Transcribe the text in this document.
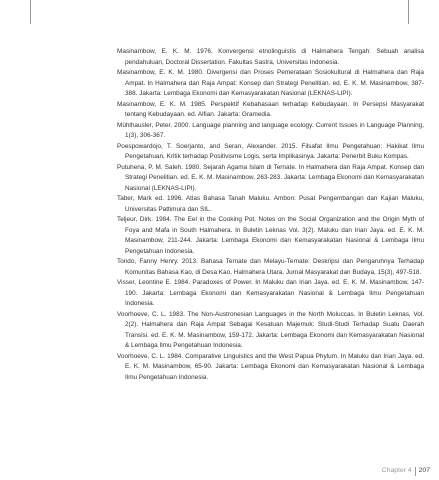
Masinambow, E. K. M. 1976. Konvergensi etnolinguistis di Halmahera Tengah: Sebuah analisa pendahuluan, Doctoral Dissertation. Fakultas Sastra, Universitas Indonesia.

Masinambow, E. K. M. 1980. Divergensi dan Proses Pemerataan Sosiokultural di Halmahera dan Raja Ampat. In Halmahera dan Raja Ampat: Konsep dan Strategi Penelitian. ed. E. K. M. Masinambow, 387-388. Jakarta: Lembaga Ekonomi dan Kemasyarakatan Nasional (LEKNAS-LIPI).

Masinambow, E. K. M. 1985. Perspektif Kebahasaan terhadap Kebudayaan. In Persepsi Masyarakat tentang Kebudayaan. ed. Alfian. Jakarta: Gramedia.

Mühlhausler, Peter. 2000. Language planning and language ecology. Current Issues in Language Planning, 1(3), 306-367.

Poespowardojo, T. Soerjanto, and Seran, Alexander. 2015. Filsafat Ilmu Pengetahuan: Hakikat Ilmu Pengetahuan, Kritik terhadap Positivisme Logis, serta Implikasinya. Jakarta: Penerbit Buku Kompas.

Putuhena, P. M. Saleh. 1980. Sejarah Agama Islam di Ternate. In Halmahera dan Raja Ampat. Konsep dan Strategi Penelitian. ed. E. K. M. Masinambow, 263-283. Jakarta: Lembaga Ekonomi dan Kemasyarakatan Nasional (LEKNAS-LIPI).

Taber, Mark ed. 1996. Atlas Bahasa Tanah Maluku. Ambon: Pusat Pengembangan dan Kajian Maluku, Universitas Pattimura dan SIL.

Teljeur, Dirk. 1984. The Eel in the Cooking Pot. Notes on the Social Organization and the Origin Myth of Foya and Mafa in South Halmahera. In Buletin Leknas Vol. 3(2). Maluku dan Irian Jaya. ed. E. K. M. Masinambow, 211-244. Jakarta: Lembaga Ekonomi dan Kemasyarakatan Nasional & Lembaga Ilmu Pengetahuan Indonesia.

Tondo, Fanny Henry. 2013. Bahasa Ternate dan Melayu-Ternate: Deskripsi dan Pengaruhnya Terhadap Komunitas Bahasa Kao, di Desa Kao, Halmahera Utara. Jurnal Masyarakat dan Budaya, 15(3), 497-518.

Visser, Leontine E. 1984. Paradoxes of Power. In Maluku dan Irian Jaya. ed. E. K. M. Masinambow, 147-190. Jakarta: Lembaga Ekonomi dan Kemasyarakatan Nasional & Lembaga Ilmu Pengetahuan Indonesia.

Voorhoeve, C. L. 1983. The Non-Austronesian Languages in the North Moluccas. In Buletin Leknas, Vol. 2(2). Halmahera dan Raja Ampat Sebagai Kesatuan Majemuk: Studi-Studi Terhadap Suatu Daerah Transisi. ed. E. K. M. Masinambow, 159-172. Jakarta: Lembaga Ekonomi dan Kemasyarakatan Nasional & Lembaga Ilmu Pengetahuan Indonesia.

Voorhoeve, C. L. 1984. Comparative Linguistics and the West Papua Phylum. In Maluku dan Irian Jaya. ed. E. K. M. Masinambow, 65-90. Jakarta: Lembaga Ekonomi dan Kemasyarakatan Nasional & Lembaga Ilmu Pengetahuan Indonesia.

Chapter 4	207
